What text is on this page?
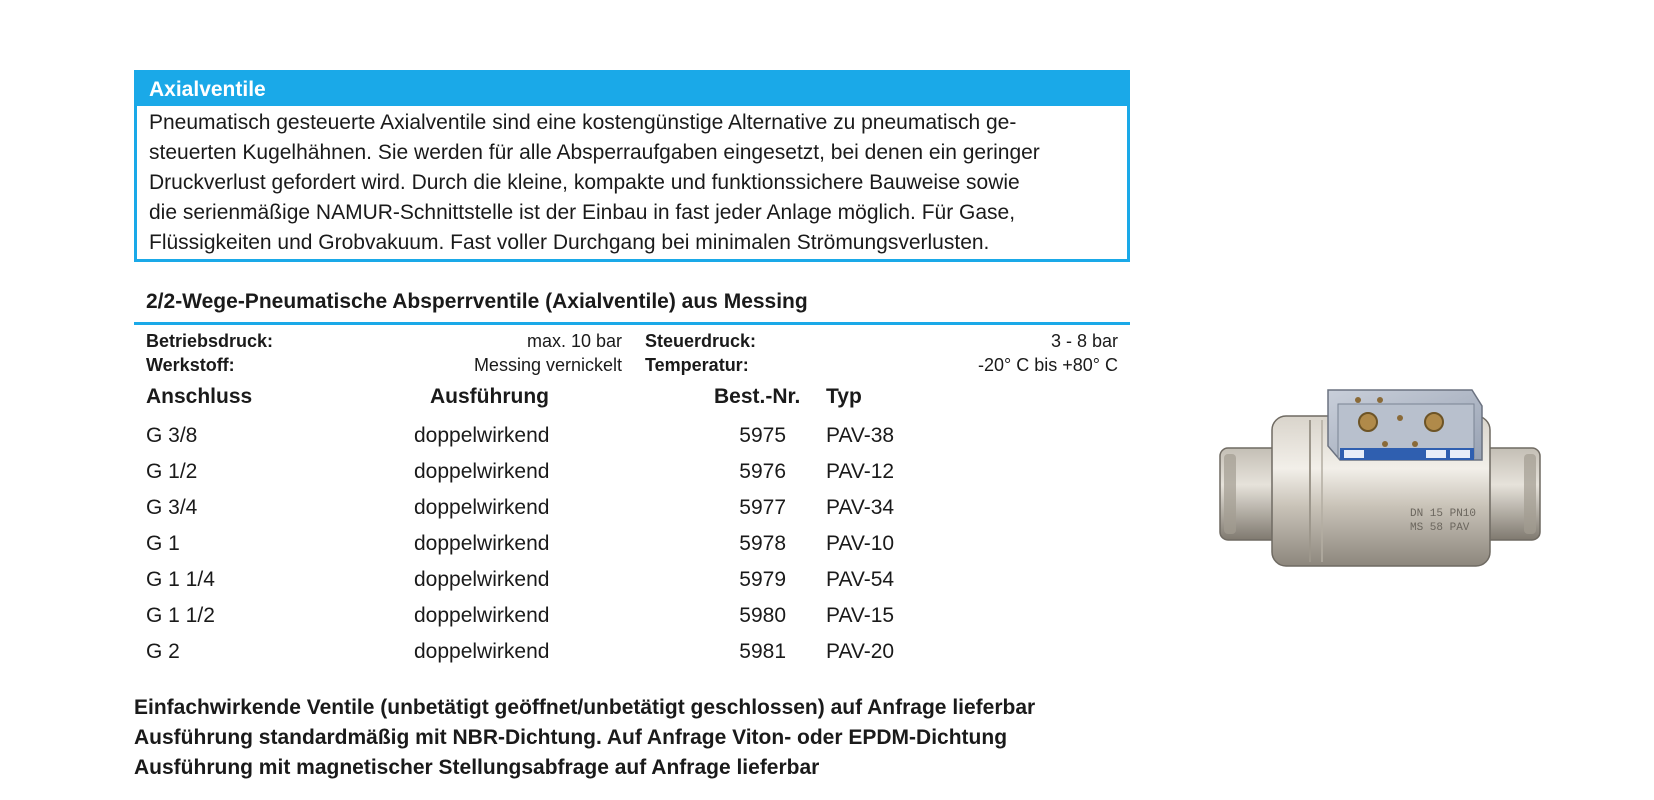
Axialventile
Pneumatisch gesteuerte Axialventile sind eine kostengünstige Alternative zu pneumatisch ge-
steuerten Kugelhähnen. Sie werden für alle Absperraufgaben eingesetzt, bei denen ein geringer
Druckverlust gefordert wird. Durch die kleine, kompakte und funktionssichere Bauweise sowie
die serienmäßige NAMUR-Schnittstelle ist der Einbau in fast jeder Anlage möglich. Für Gase,
Flüssigkeiten und Grobvakuum. Fast voller Durchgang bei minimalen Strömungsverlusten.
2/2-Wege-Pneumatische Absperrventile (Axialventile) aus Messing
Betriebsdruck:	max. 10 bar
Werkstoff:	Messing vernickelt
Steuerdruck:	3 - 8 bar
Temperatur:	-20° C bis +80° C
Anschluss	Ausführung	Best.-Nr. Typ
G 3/8	doppelwirkend	5975 PAV-38
G 1/2	doppelwirkend	5976 PAV-12
G 3/4	doppelwirkend	5977 PAV-34
G 1	doppelwirkend	5978 PAV-10
G 1 1/4	doppelwirkend	5979 PAV-54
G 1 1/2	doppelwirkend	5980 PAV-15
G 2	doppelwirkend	5981 PAV-20
Einfachwirkende Ventile (unbetätigt geöffnet/unbetätigt geschlossen) auf Anfrage lieferbar
Ausführung standardmäßig mit NBR-Dichtung. Auf Anfrage Viton- oder EPDM-Dichtung
Ausführung mit magnetischer Stellungsabfrage auf Anfrage lieferbar
DN 15 PN10
MS 58 PAV
